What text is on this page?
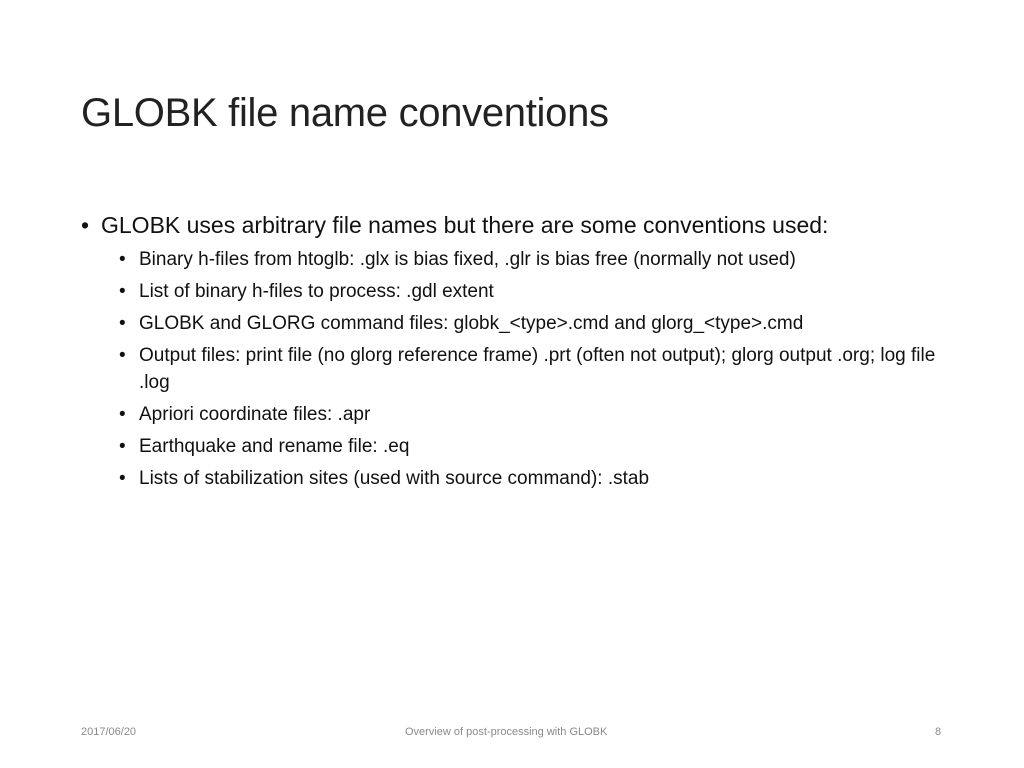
GLOBK file name conventions
• GLOBK uses arbitrary file names but there are some conventions used:
• Binary h-files from htoglb: .glx is bias fixed, .glr is bias free (normally not used)
• List of binary h-files to process: .gdl extent
• GLOBK and GLORG command files: globk_<type>.cmd and glorg_<type>.cmd
• Output files: print file (no glorg reference frame) .prt (often not output); glorg output .org; log file .log
• Apriori coordinate files: .apr
• Earthquake and rename file: .eq
• Lists of stabilization sites (used with source command): .stab
2017/06/20	Overview of post-processing with GLOBK	8
